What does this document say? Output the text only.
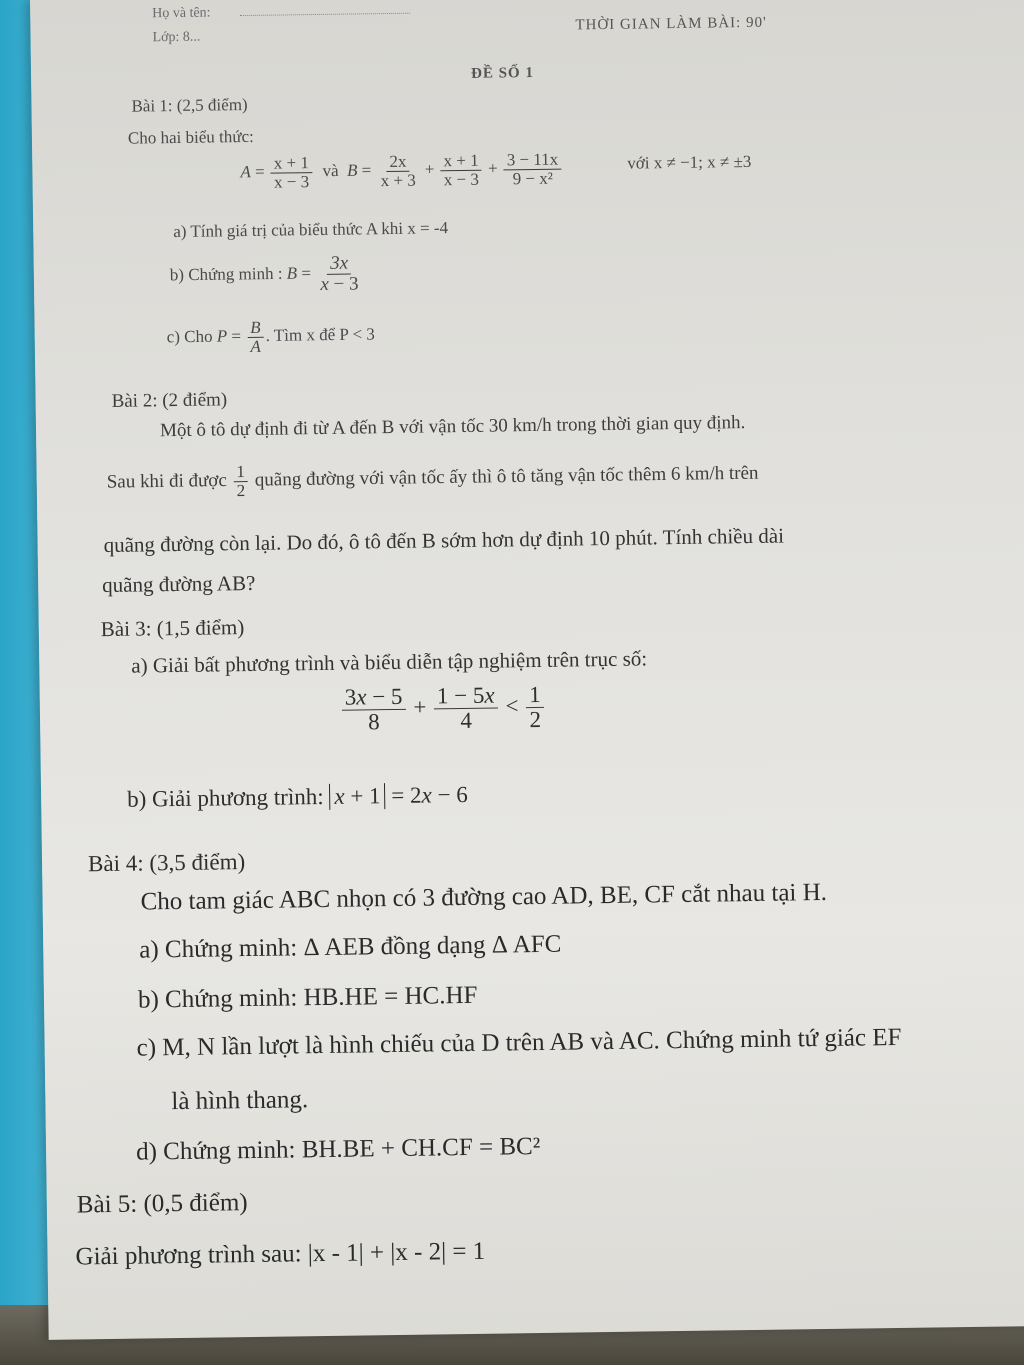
Họ và tên:
Lớp: 8...
THỜI GIAN LÀM BÀI: 90'
ĐỀ SỐ 1
Bài 1: (2,5 điểm)
Cho hai biểu thức:
$A = \frac{x + 1}{x - 3}$ và  $B = \frac{2x}{x + 3} + \frac{x + 1}{x - 3} + \frac{3 - 11x}{\text{9 − x²}}$	với x ≠ −1; x ≠ ±3
a) Tính giá trị của biểu thức A khi x = -4
b) Chứng minh : $B = \frac{3x}{x - 3}$
c) Cho $P = \frac{B}{A}$ . Tìm x để P < 3
Bài 2: (2 điểm)
Một ô tô dự định đi từ A đến B với vận tốc 30 km/h trong thời gian quy định.
Sau khi đi được $\frac{1}{2}$ quãng đường với vận tốc ấy thì ô tô tăng vận tốc thêm 6 km/h trên
quãng đường còn lại. Do đó, ô tô đến B sớm hơn dự định 10 phút. Tính chiều dài
quãng đường AB?
Bài 3: (1,5 điểm)
a) Giải bất phương trình và biểu diễn tập nghiệm trên trục số:
$\frac{3x - 5}{8} + \frac{1 - 5x}{4} < \frac{1}{2}$
b) Giải phương trình: x + 1 = 2x − 6
Bài 4: (3,5 điểm)
Cho tam giác ABC nhọn có 3 đường cao AD, BE, CF cắt nhau tại H.
a) Chứng minh: Δ AEB đồng dạng Δ AFC
b) Chứng minh: HB.HE = HC.HF
c) M, N lần lượt là hình chiếu của D trên AB và AC. Chứng minh tứ giác EF
là hình thang.
d) Chứng minh: BH.BE + CH.CF = BC²
Bài 5: (0,5 điểm)
Giải phương trình sau: |x - 1| + |x - 2| = 1
